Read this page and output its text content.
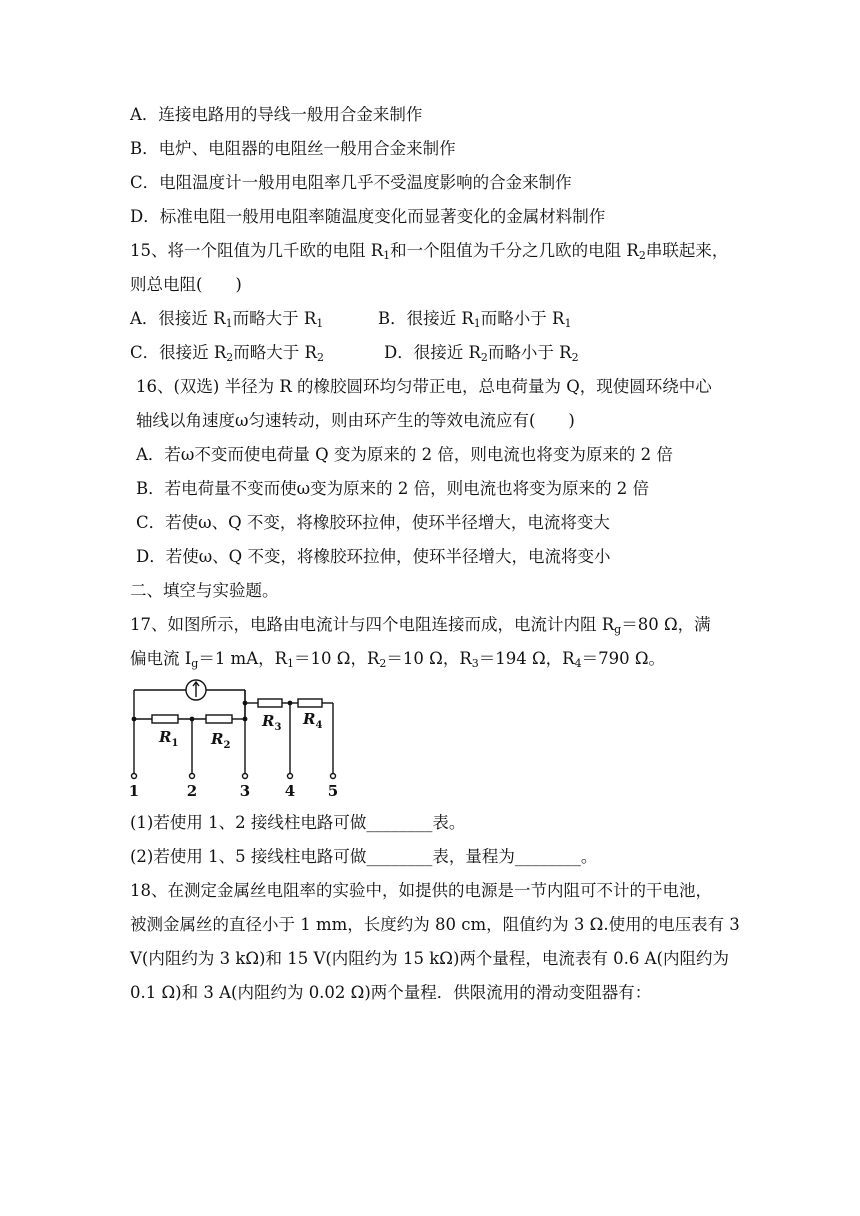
A．连接电路用的导线一般用合金来制作
B．电炉、电阻器的电阻丝一般用合金来制作
C．电阻温度计一般用电阻率几乎不受温度影响的合金来制作
D．标准电阻一般用电阻率随温度变化而显著变化的金属材料制作
15、将一个阻值为几千欧的电阻 $R_1$和一个阻值为千分之几欧的电阻 $R_2$串联起来，
则总电阻(　　)
A．很接近 $R_1$而略大于 $R_1$	B．很接近 $R_1$而略小于 $R_1$
C．很接近 $R_2$而略大于 $R_2$	D．很接近 $R_2$而略小于 $R_2$
16、(双选) 半径为 R 的橡胶圆环均匀带正电，总电荷量为 Q，现使圆环绕中心
轴线以角速度ω匀速转动，则由环产生的等效电流应有(　　)
A．若ω不变而使电荷量 Q 变为原来的 2 倍，则电流也将变为原来的 2 倍
B．若电荷量不变而使ω变为原来的 2 倍，则电流也将变为原来的 2 倍
C．若使ω、Q 不变，将橡胶环拉伸，使环半径增大，电流将变大
D．若使ω、Q 不变，将橡胶环拉伸，使环半径增大，电流将变小
二、填空与实验题。
17、如图所示，电路由电流计与四个电阻连接而成，电流计内阻 $R_g=80$ Ω，满
偏电流 $I_g=1$ mA，$R_1=10$ Ω，$R_2=10$ Ω，$R_3=194$ Ω，$R_4=790$ Ω。
$R_1$ $R_2$
$R_3$ $R_4$
1	2	3 4 5
(1)若使用 1、2 接线柱电路可做________表。
(2)若使用 1、5 接线柱电路可做________表，量程为________。
18、在测定金属丝电阻率的实验中，如提供的电源是一节内阻可不计的干电池，
被测金属丝的直径小于 1 mm，长度约为 80 cm，阻值约为 3 Ω.使用的电压表有 3
V(内阻约为 3 kΩ)和 15 V(内阻约为 15 kΩ)两个量程，电流表有 0.6 A(内阻约为
0.1 Ω)和 3 A(内阻约为 0.02 Ω)两个量程．供限流用的滑动变阻器有：
